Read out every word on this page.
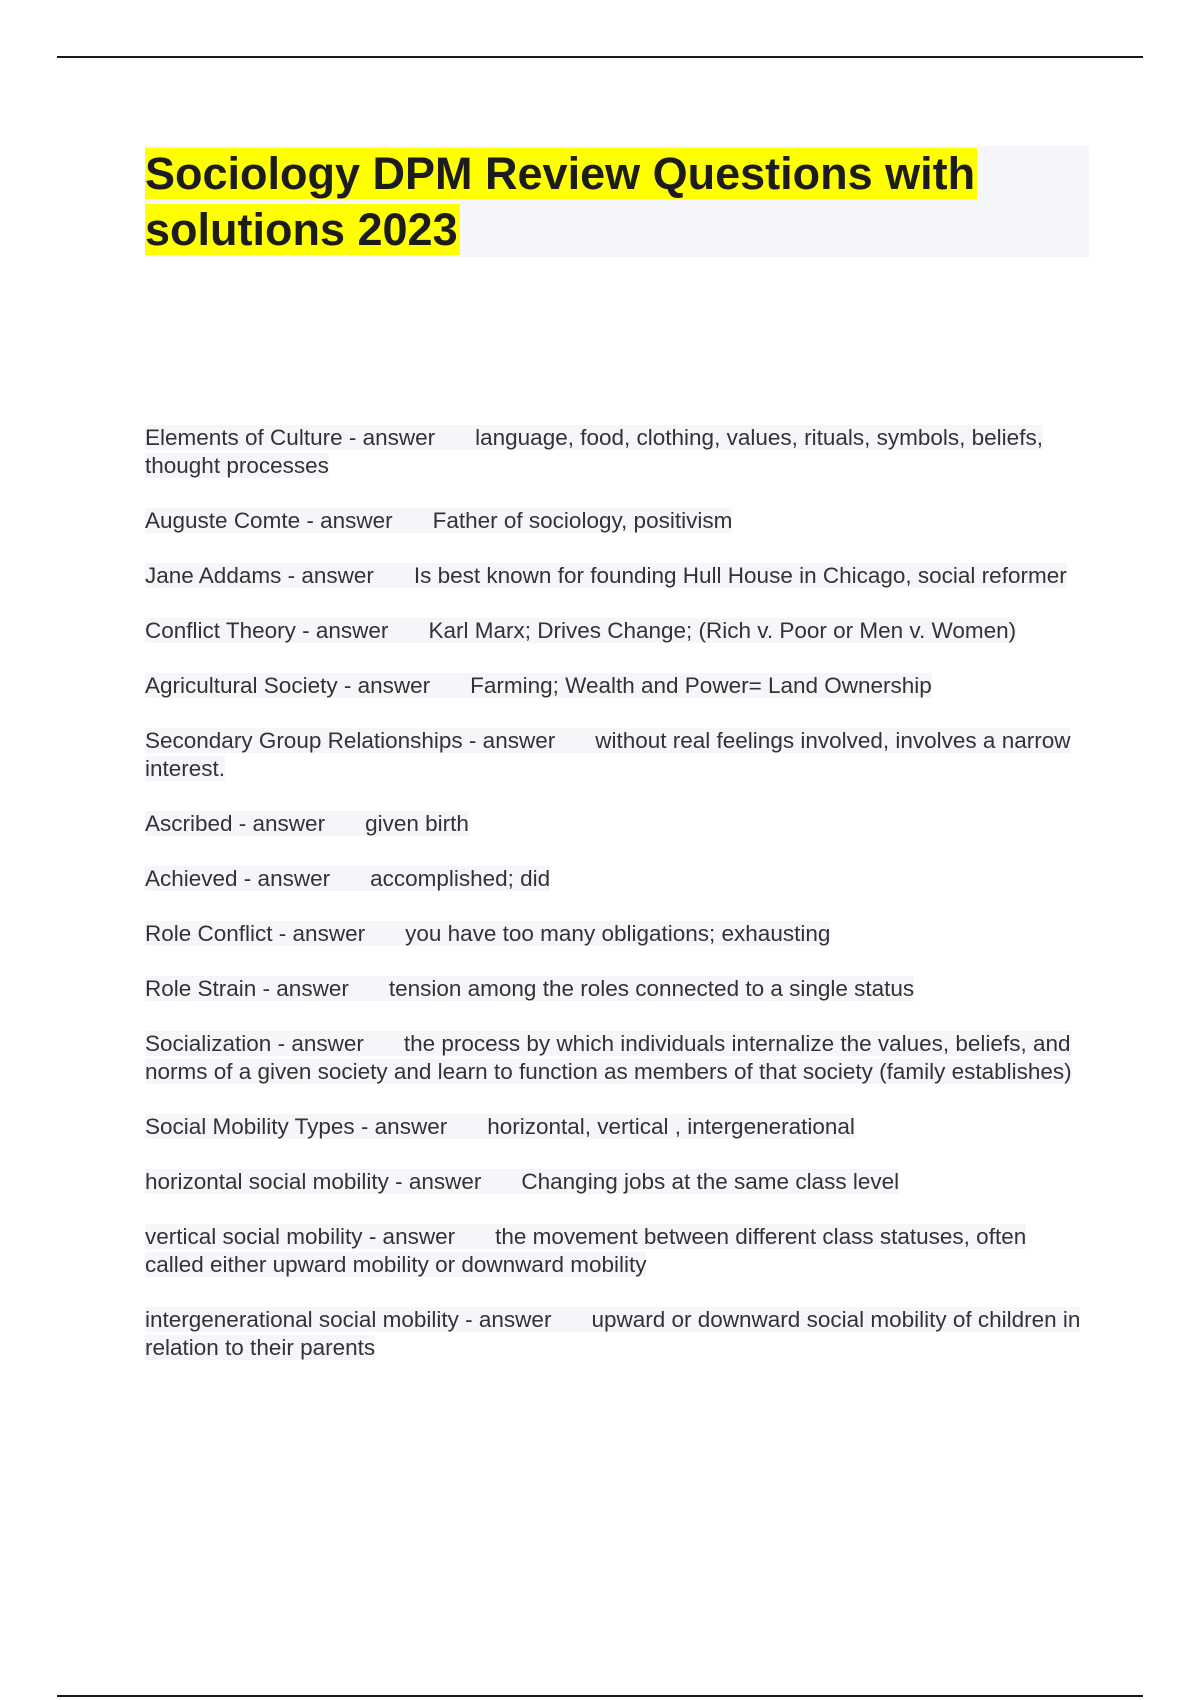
Sociology DPM Review Questions with solutions 2023

Elements of Culture - answer language, food, clothing, values, rituals, symbols, beliefs, thought processes

Auguste Comte - answer Father of sociology, positivism

Jane Addams - answer Is best known for founding Hull House in Chicago, social reformer

Conflict Theory - answer Karl Marx; Drives Change; (Rich v. Poor or Men v. Women)

Agricultural Society - answer Farming; Wealth and Power= Land Ownership

Secondary Group Relationships - answer without real feelings involved, involves a narrow interest.

Ascribed - answer given birth

Achieved - answer accomplished; did

Role Conflict - answer you have too many obligations; exhausting

Role Strain - answer tension among the roles connected to a single status

Socialization - answer the process by which individuals internalize the values, beliefs, and norms of a given society and learn to function as members of that society (family establishes)

Social Mobility Types - answer horizontal, vertical , intergenerational

horizontal social mobility - answer Changing jobs at the same class level

vertical social mobility - answer the movement between different class statuses, often called either upward mobility or downward mobility

intergenerational social mobility - answer upward or downward social mobility of children in relation to their parents
